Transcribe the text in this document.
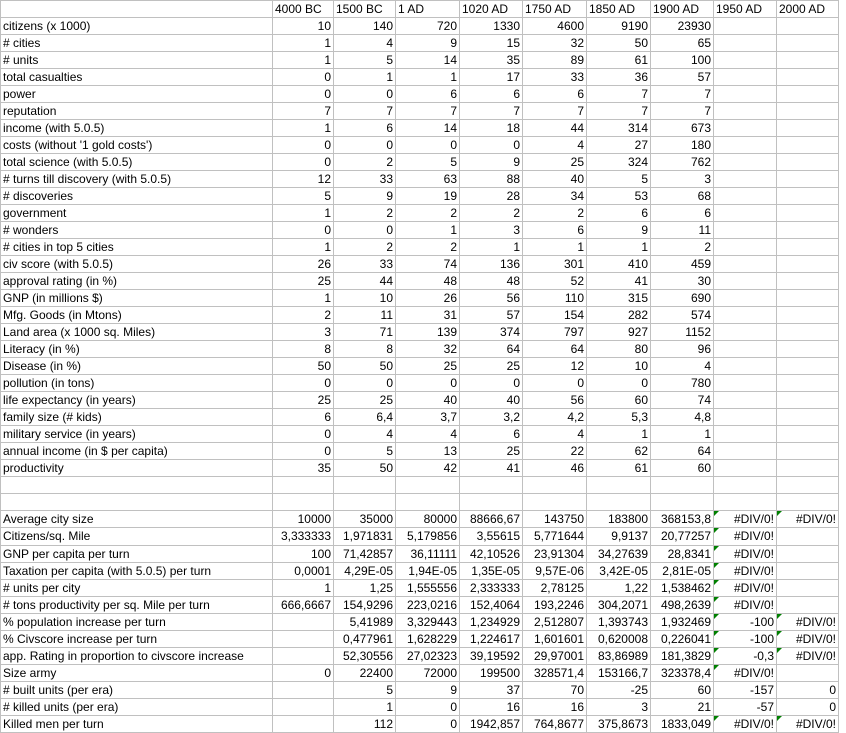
	4000 BC	1500 BC	1 AD	1020 AD	1750 AD	1850 AD	1900 AD	1950 AD	2000 AD
citizens (x 1000)	10	140	720	1330	4600	9190	23930		
# cities	1	4	9	15	32	50	65		
# units	1	5	14	35	89	61	100		
total casualties	0	1	1	17	33	36	57		
power	0	0	6	6	6	7	7		
reputation	7	7	7	7	7	7	7		
income (with 5.0.5)	1	6	14	18	44	314	673		
costs (without '1 gold costs')	0	0	0	0	4	27	180		
total science (with 5.0.5)	0	2	5	9	25	324	762		
# turns till discovery (with 5.0.5)	12	33	63	88	40	5	3		
# discoveries	5	9	19	28	34	53	68		
government	1	2	2	2	2	6	6		
# wonders	0	0	1	3	6	9	11		
# cities in top 5 cities	1	2	2	1	1	1	2		
civ score (with 5.0.5)	26	33	74	136	301	410	459		
approval rating (in %)	25	44	48	48	52	41	30		
GNP (in millions $)	1	10	26	56	110	315	690		
Mfg. Goods (in Mtons)	2	11	31	57	154	282	574		
Land area (x 1000 sq. Miles)	3	71	139	374	797	927	1152		
Literacy (in %)	8	8	32	64	64	80	96		
Disease (in %)	50	50	25	25	12	10	4		
pollution (in tons)	0	0	0	0	0	0	780		
life expectancy (in years)	25	25	40	40	56	60	74		
family size (# kids)	6	6,4	3,7	3,2	4,2	5,3	4,8		
military service (in years)	0	4	4	6	4	1	1		
annual income (in $ per capita)	0	5	13	25	22	62	64		
productivity	35	50	42	41	46	61	60		

Average city size	10000	35000	80000	88666,67	143750	183800	368153,8	#DIV/0!	#DIV/0!
Citizens/sq. Mile	3,333333	1,971831	5,179856	3,55615	5,771644	9,9137	20,77257	#DIV/0!	
GNP per capita per turn	100	71,42857	36,11111	42,10526	23,91304	34,27639	28,8341	#DIV/0!	
Taxation per capita (with 5.0.5) per turn	0,0001	4,29E-05	1,94E-05	1,35E-05	9,57E-06	3,42E-05	2,81E-05	#DIV/0!	
# units per city	1	1,25	1,555556	2,333333	2,78125	1,22	1,538462	#DIV/0!	
# tons productivity per sq. Mile per turn	666,6667	154,9296	223,0216	152,4064	193,2246	304,2071	498,2639	#DIV/0!	
% population increase per turn		5,41989	3,329443	1,234929	2,512807	1,393743	1,932469	-100	#DIV/0!
% Civscore increase per turn		0,477961	1,628229	1,224617	1,601601	0,620008	0,226041	-100	#DIV/0!
app. Rating in proportion to civscore increase		52,30556	27,02323	39,19592	29,97001	83,86989	181,3829	-0,3	#DIV/0!
Size army	0	22400	72000	199500	328571,4	153166,7	323378,4	#DIV/0!	
# built units (per era)		5	9	37	70	-25	60	-157	0
# killed units (per era)		1	0	16	16	3	21	-57	0
Killed men per turn		112	0	1942,857	764,8677	375,8673	1833,049	#DIV/0!	#DIV/0!
